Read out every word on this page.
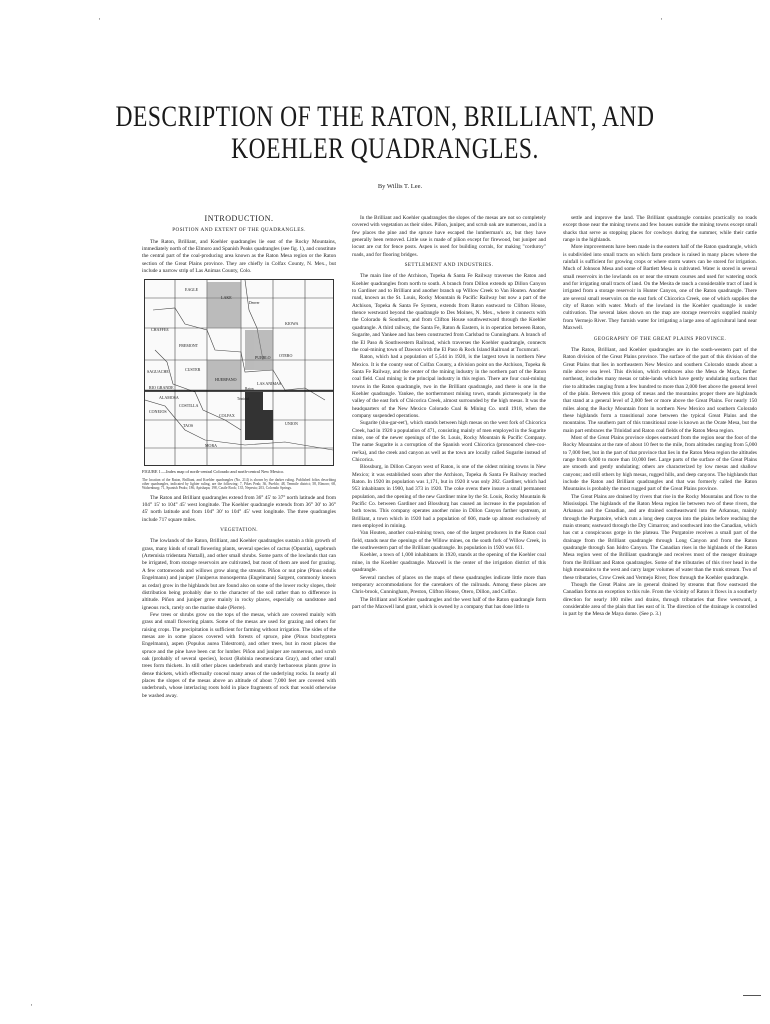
·	·
·
DESCRIPTION OF THE RATON, BRILLIANT, AND
KOEHLER QUADRANGLES.
By Willis T. Lee.
INTRODUCTION.
POSITION AND EXTENT OF THE QUADRANGLES.

The Raton, Brilliant, and Koehler quadrangles lie east of the Rocky Mountains, immediately north of the Elmoro and Spanish Peaks quadrangles (see fig. 1), and constitute the central part of the coal-producing area known as the Raton Mesa region or the Raton section of the Great Plains province. They are chiefly in Colfax County, N. Mex., but include a narrow strip of Las Animas County, Colo.

EAGLE
LAKE
CHAFFEE
FREMONT
CUSTER
PUEBLO OTERO
KIOWA
SAGUACHE
HUERFANO
LAS ANIMAS
RIO GRANDE
ALAMOSA
COSTILLA
CONEJOS
TAOS	UNION
COLFAX
MORA
Raton
Trinidad
Denver

FIGURE 1.—Index map of north-central Colorado and north-central New Mexico.

The location of the Raton, Brilliant, and Koehler quadrangles (No. 214) is shown by the darker ruling. Published folios describing other quadrangles, indicated by lighter ruling, are the following: 7, Pikes Peak; 36, Pueblo; 48, Tenmile district; 58, Elmoro; 68, Walsenburg; 71, Spanish Peaks; 186, Apishapa; 198, Castle Rock; 135, Nepesta; 203, Colorado Springs.

The Raton and Brilliant quadrangles extend from 36° 45' to 37° north latitude and from 104° 15' to 104° 45' west longitude. The Koehler quadrangle extends from 36° 30' to 36° 45' north latitude and from 104° 30' to 104° 45' west longitude. The three quadrangles include 717 square miles.

VEGETATION.

The lowlands of the Raton, Brilliant, and Koehler quadrangles sustain a thin growth of grass, many kinds of small flowering plants, several species of cactus (Opuntia), sagebrush (Artemisia tridentata Nuttall), and other small shrubs. Some parts of the lowlands that can be irrigated, from storage reservoirs are cultivated, but most of them are used for grazing. A few cottonwoods and willows grow along the streams. Piñon or nut pine (Pinus edulis Engelmann) and juniper (Juniperus monosperma (Engelmann) Sargent, commonly known as cedar) grow in the highlands but are found also on some of the lower rocky slopes, their distribution being probably due to the character of the soil rather than to difference in altitude. Piñon and juniper grow mainly in rocky places, especially on sandstone and igneous rock, rarely on the marine shale (Pierre).

Few trees or shrubs grow on the tops of the mesas, which are covered mainly with grass and small flowering plants. Some of the mesas are used for grazing and others for raising crops. The precipitation is sufficient for farming without irrigation. The sides of the mesas are in some places covered with forests of spruce, pine (Pinus brachyptera Engelmann), aspen (Populus aurea Tidestrom), and other trees, but in most places the spruce and the pine have been cut for lumber. Piñon and juniper are numerous, and scrub oak (probably of several species), locust (Robinia neomexicana Gray), and other small trees form thickets. In still other places underbrush and sturdy herbaceous plants grow in dense thickets, which effectually conceal many areas of the underlying rocks. In nearly all places the slopes of the mesas above an altitude of about 7,000 feet are covered with underbrush, whose interlacing roots hold in place fragments of rock that would otherwise be washed away.

In the Brilliant and Koehler quadrangles the slopes of the mesas are not so completely covered with vegetation as their sides. Piñon, juniper, and scrub oak are numerous, and in a few places the pine and the spruce have escaped the lumberman's ax, but they have generally been removed. Little use is made of piñon except for firewood, but juniper and locust are cut for fence posts. Aspen is used for building corrals, for making "corduroy" roads, and for flooring bridges.

SETTLEMENT AND INDUSTRIES.

The main line of the Atchison, Topeka & Santa Fe Railway traverses the Raton and Koehler quadrangles from north to south. A branch from Dillon extends up Dillon Canyon to Gardiner and to Brilliant and another branch up Willow Creek to Van Houten. Another road, known as the St. Louis, Rocky Mountain & Pacific Railway but now a part of the Atchison, Topeka & Santa Fe System, extends from Raton eastward to Clifton House, thence westward beyond the quadrangle to Des Moines, N. Mex., where it connects with the Colorado & Southern, and from Clifton House southwestward through the Koehler quadrangle. A third railway, the Santa Fe, Raton & Eastern, is in operation between Raton, Sugarite, and Yankee and has been constructed from Carlsbad to Cunningham. A branch of the El Paso & Southwestern Railroad, which traverses the Koehler quadrangle, connects the coal-mining town of Dawson with the El Paso & Rock Island Railroad at Tucumcari.

Raton, which had a population of 5,544 in 1920, is the largest town in northern New Mexico. It is the county seat of Colfax County, a division point on the Atchison, Topeka & Santa Fe Railway, and the center of the mining industry in the northern part of the Raton coal field. Coal mining is the principal industry in this region. There are four coal-mining towns in the Raton quadrangle, two in the Brilliant quadrangle, and there is one in the Koehler quadrangle. Yankee, the northernmost mining town, stands picturesquely in the valley of the east fork of Chicorica Creek, almost surrounded by the high mesas. It was the headquarters of the New Mexico Colorado Coal & Mining Co. until 1918, when the company suspended operations.

Sugarite (shu-gar-eet'), which stands between high mesas on the west fork of Chicorica Creek, had in 1920 a population of 471, consisting mainly of men employed in the Sugarite mine, one of the newer openings of the St. Louis, Rocky Mountain & Pacific Company. The name Sugarite is a corruption of the Spanish word Chicorica (pronounced chee-coo-ree'ka), and the creek and canyon as well as the town are locally called Sugarite instead of Chicorica.

Blossburg, in Dillon Canyon west of Raton, is one of the oldest mining towns in New Mexico; it was established soon after the Atchison, Topeka & Santa Fe Railway reached Raton. In 1920 its population was 1,171, but in 1920 it was only 282. Gardiner, which had 953 inhabitants in 1900, had 373 in 1920. The coke ovens there insure a small permanent population, and the opening of the new Gardiner mine by the St. Louis, Rocky Mountain & Pacific Co. between Gardiner and Blossburg has caused an increase in the population of both towns. This company operates another mine in Dillon Canyon farther upstream, at Brilliant, a town which in 1920 had a population of 606, made up almost exclusively of men employed in mining.

Van Houten, another coal-mining town, one of the largest producers in the Raton coal field, stands near the openings of the Willow mines, on the south fork of Willow Creek, in the southwestern part of the Brilliant quadrangle. Its population in 1920 was 611.

Koehler, a town of 1,000 inhabitants in 1920, stands at the opening of the Koehler coal mine, in the Koehler quadrangle. Maxwell is the center of the irrigation district of this quadrangle.

Several ranches of places on the maps of these quadrangles indicate little more than temporary accommodations for the caretakers of the railroads. Among these places are Chris-brook, Cunningham, Preston, Clifton House, Otero, Dillon, and Colfax.

The Brilliant and Koehler quadrangles and the west half of the Raton quadrangle form part of the Maxwell land grant, which is owned by a company that has done little to

settle and improve the land. The Brilliant quadrangle contains practically no roads except those near the mining towns and few houses outside the mining towns except small shacks that serve as stopping places for cowboys during the summer, while their cattle range in the highlands.

More improvements have been made in the eastern half of the Raton quadrangle, which is subdivided into small tracts on which farm produce is raised in many places where the rainfall is sufficient for growing crops or where storm waters can be stored for irrigation. Much of Johnson Mesa and some of Bartlett Mesa is cultivated. Water is stored in several small reservoirs in the lowlands on or near the stream courses and used for watering stock and for irrigating small tracts of land. On the Mesita de ranch a considerable tract of land is irrigated from a storage reservoir in Hunter Canyon, one of the Raton quadrangle. There are several small reservoirs on the east fork of Chicorica Creek, one of which supplies the city of Raton with water. Much of the lowland in the Koehler quadrangle is under cultivation. The several lakes shown on the map are storage reservoirs supplied mainly from Vermejo River. They furnish water for irrigating a large area of agricultural land near Maxwell.

GEOGRAPHY OF THE GREAT PLAINS PROVINCE.

The Raton, Brilliant, and Koehler quadrangles are in the south-western part of the Raton division of the Great Plains province. The surface of the part of this division of the Great Plains that lies in northeastern New Mexico and southern Colorado stands about a mile above sea level. This division, which embraces also the Mesa de Maya, farther northeast, includes many mesas or table-lands which have gently undulating surfaces that rise to altitudes ranging from a few hundred to more than 2,000 feet above the general level of the plain. Between this group of mesas and the mountains proper there are highlands that stand at a general level of 2,000 feet or more above the Great Plains. For nearly 150 miles along the Rocky Mountain front in northern New Mexico and southern Colorado these highlands form a transitional zone between the typical Great Plains and the mountains. The southern part of this transitional zone is known as the Ocate Mesa, but the main part embraces the Trinidad and Raton coal fields of the Raton Mesa region.

Most of the Great Plains province slopes eastward from the region near the foot of the Rocky Mountains at the rate of about 10 feet to the mile, from altitudes ranging from 5,000 to 7,000 feet, but in the part of that province that lies in the Raton Mesa region the altitudes range from 6,000 to more than 10,000 feet. Large parts of the surface of the Great Plains are smooth and gently undulating; others are characterized by low mesas and shallow canyons; and still others by high mesas, rugged hills, and deep canyons. The highlands that include the Raton and Brilliant quadrangles and that was formerly called the Raton Mountains is probably the most rugged part of the Great Plains province.

The Great Plains are drained by rivers that rise in the Rocky Mountains and flow to the Mississippi. The highlands of the Raton Mesa region lie between two of these rivers, the Arkansas and the Canadian, and are drained southeastward into the Arkansas, mainly through the Purgatoire, which cuts a long deep canyon into the plains before reaching the main stream; eastward through the Dry Cimarron; and southward into the Canadian, which has cut a conspicuous gorge in the plateau. The Purgatoire receives a small part of the drainage from the Brilliant quadrangle through Long Canyon and from the Raton quadrangle through San Isidro Canyon. The Canadian rises in the highlands of the Raton Mesa region west of the Brilliant quadrangle and receives most of the meager drainage from the Brilliant and Raton quadrangles. Some of the tributaries of this river head in the high mountains to the west and carry larger volumes of water than the trunk stream. Two of these tributaries, Crow Creek and Vermejo River, flow through the Koehler quadrangle.

Though the Great Plains are in general drained by streams that flow eastward the Canadian forms an exception to this rule. From the vicinity of Raton it flows in a southerly direction for nearly 100 miles and drains, through tributaries that flow westward, a considerable area of the plain that lies east of it. The direction of the drainage is controlled in part by the Mesa de Maya dome. (See p. 3.)
